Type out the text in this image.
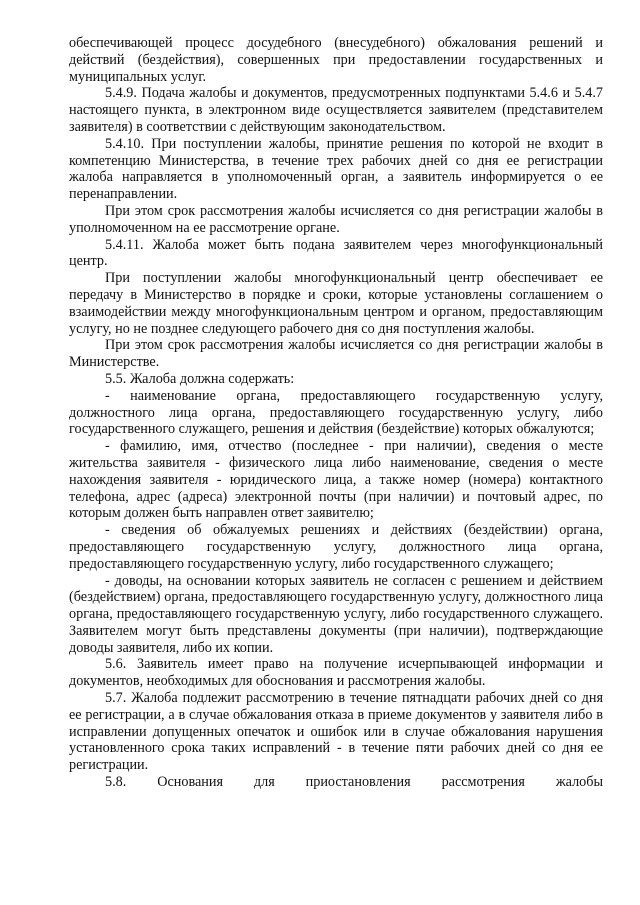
обеспечивающей процесс досудебного (внесудебного) обжалования решений и действий (бездействия), совершенных при предоставлении государственных и муниципальных услуг.

5.4.9. Подача жалобы и документов, предусмотренных подпунктами 5.4.6 и 5.4.7 настоящего пункта, в электронном виде осуществляется заявителем (представителем заявителя) в соответствии с действующим законодательством.

5.4.10. При поступлении жалобы, принятие решения по которой не входит в компетенцию Министерства, в течение трех рабочих дней со дня ее регистрации жалоба направляется в уполномоченный орган, а заявитель информируется о ее перенаправлении.

При этом срок рассмотрения жалобы исчисляется со дня регистрации жалобы в уполномоченном на ее рассмотрение органе.

5.4.11. Жалоба может быть подана заявителем через многофункциональный центр.

При поступлении жалобы многофункциональный центр обеспечивает ее передачу в Министерство в порядке и сроки, которые установлены соглашением о взаимодействии между многофункциональным центром и органом, предоставляющим услугу, но не позднее следующего рабочего дня со дня поступления жалобы.

При этом срок рассмотрения жалобы исчисляется со дня регистрации жалобы в Министерстве.

5.5. Жалоба должна содержать:

- наименование органа, предоставляющего государственную услугу, должностного лица органа, предоставляющего государственную услугу, либо государственного служащего, решения и действия (бездействие) которых обжалуются;

- фамилию, имя, отчество (последнее - при наличии), сведения о месте жительства заявителя - физического лица либо наименование, сведения о месте нахождения заявителя - юридического лица, а также номер (номера) контактного телефона, адрес (адреса) электронной почты (при наличии) и почтовый адрес, по которым должен быть направлен ответ заявителю;

- сведения об обжалуемых решениях и действиях (бездействии) органа, предоставляющего государственную услугу, должностного лица органа, предоставляющего государственную услугу, либо государственного служащего;

- доводы, на основании которых заявитель не согласен с решением и действием (бездействием) органа, предоставляющего государственную услугу, должностного лица органа, предоставляющего государственную услугу, либо государственного служащего. Заявителем могут быть представлены документы (при наличии), подтверждающие доводы заявителя, либо их копии.

5.6. Заявитель имеет право на получение исчерпывающей информации и документов, необходимых для обоснования и рассмотрения жалобы.

5.7. Жалоба подлежит рассмотрению в течение пятнадцати рабочих дней со дня ее регистрации, а в случае обжалования отказа в приеме документов у заявителя либо в исправлении допущенных опечаток и ошибок или в случае обжалования нарушения установленного срока таких исправлений - в течение пяти рабочих дней со дня ее регистрации.

5.8. Основания для приостановления рассмотрения жалобы
